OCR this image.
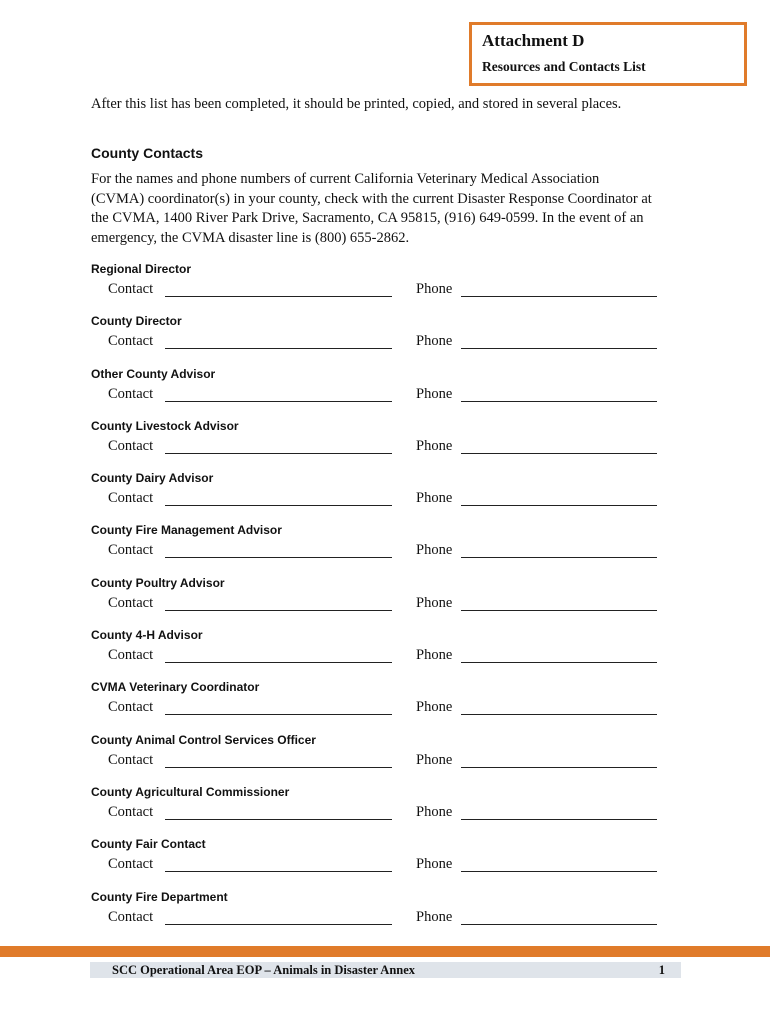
Attachment D
Resources and Contacts List
After this list has been completed, it should be printed, copied, and stored in several places.
County Contacts
For the names and phone numbers of current California Veterinary Medical Association
(CVMA) coordinator(s) in your county, check with the current Disaster Response Coordinator at
the CVMA, 1400 River Park Drive, Sacramento, CA 95815, (916) 649-0599. In the event of an
emergency, the CVMA disaster line is (800) 655-2862.
Regional Director
Contact	Phone
County Director
Contact	Phone
Other County Advisor
Contact	Phone
County Livestock Advisor
Contact	Phone
County Dairy Advisor
Contact	Phone
County Fire Management Advisor
Contact	Phone
County Poultry Advisor
Contact	Phone
County 4-H Advisor
Contact	Phone
CVMA Veterinary Coordinator
Contact	Phone
County Animal Control Services Officer
Contact	Phone
County Agricultural Commissioner
Contact	Phone
County Fair Contact
Contact	Phone
County Fire Department
Contact	Phone
SCC Operational Area EOP – Animals in Disaster Annex	1
